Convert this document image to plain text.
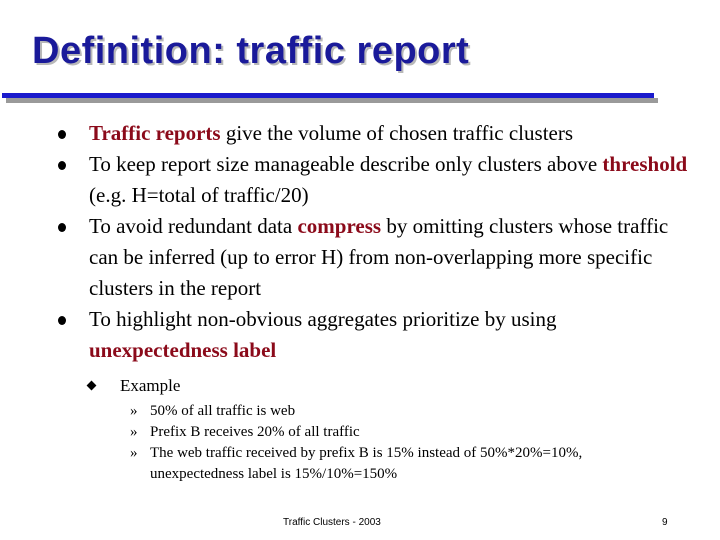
Definition: traffic report

Traffic reports give the volume of chosen traffic clusters

To keep report size manageable describe only clusters above threshold (e.g. H=total of traffic/20)

To avoid redundant data compress by omitting clusters whose traffic can be inferred (up to error H) from non-overlapping more specific clusters in the report

To highlight non-obvious aggregates prioritize by using unexpectedness label

Example
» 50% of all traffic is web
» Prefix B receives 20% of all traffic
» The web traffic received by prefix B is 15% instead of 50%*20%=10%,
unexpectedness label is 15%/10%=150%
Traffic Clusters - 2003	9
